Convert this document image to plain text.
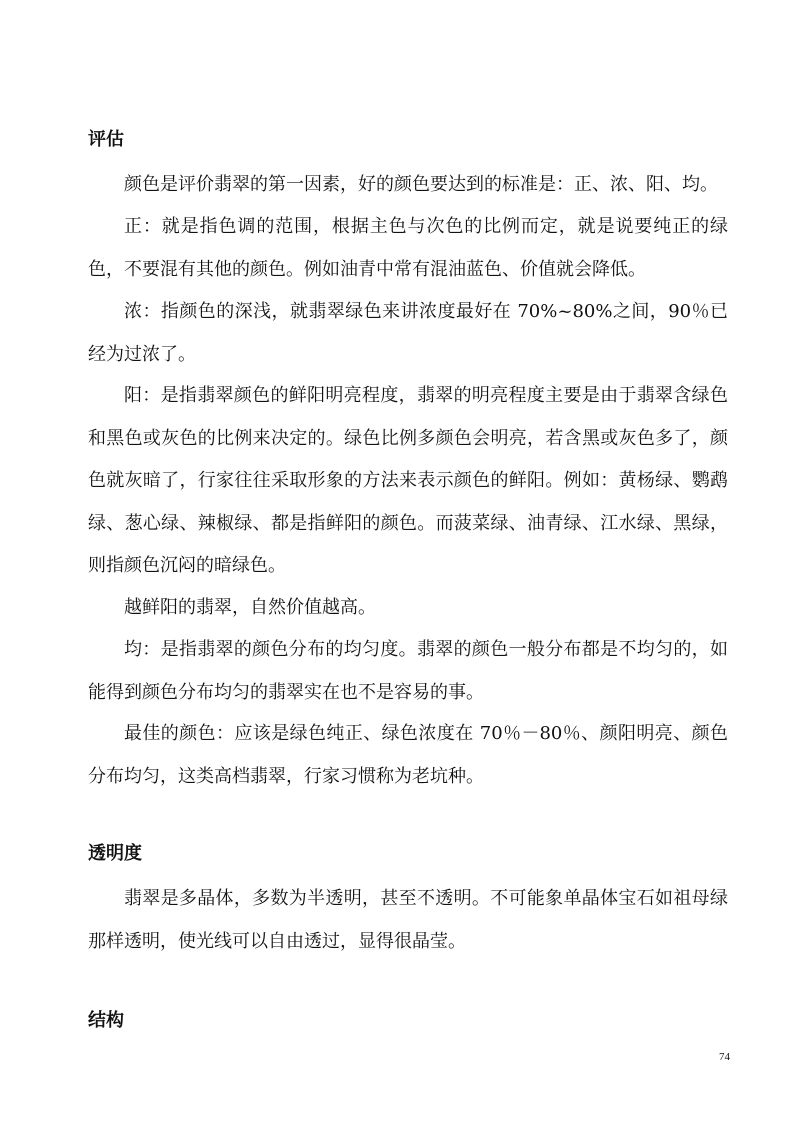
评估

颜色是评价翡翠的第一因素，好的颜色要达到的标准是：正、浓、阳、均。

正：就是指色调的范围，根据主色与次色的比例而定，就是说要纯正的绿色，不要混有其他的颜色。例如油青中常有混油蓝色、价值就会降低。

浓：指颜色的深浅，就翡翠绿色来讲浓度最好在 70%~80%之间，90％已经为过浓了。

阳：是指翡翠颜色的鲜阳明亮程度，翡翠的明亮程度主要是由于翡翠含绿色和黑色或灰色的比例来决定的。绿色比例多颜色会明亮，若含黑或灰色多了，颜色就灰暗了，行家往往采取形象的方法来表示颜色的鲜阳。例如：黄杨绿、鹦鹉绿、葱心绿、辣椒绿、都是指鲜阳的颜色。而菠菜绿、油青绿、江水绿、黑绿，则指颜色沉闷的暗绿色。

越鲜阳的翡翠，自然价值越高。

均：是指翡翠的颜色分布的均匀度。翡翠的颜色一般分布都是不均匀的，如能得到颜色分布均匀的翡翠实在也不是容易的事。

最佳的颜色：应该是绿色纯正、绿色浓度在 70％－80％、颜阳明亮、颜色分布均匀，这类高档翡翠，行家习惯称为老坑种。

透明度

翡翠是多晶体，多数为半透明，甚至不透明。不可能象单晶体宝石如祖母绿那样透明，使光线可以自由透过，显得很晶莹。

结构
74
